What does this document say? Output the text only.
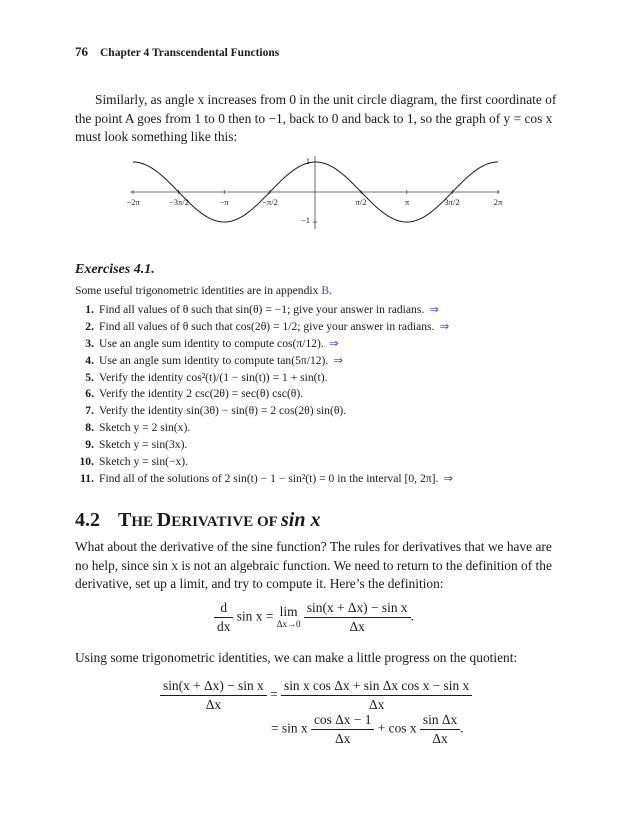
76 Chapter 4 Transcendental Functions

Similarly, as angle x increases from 0 in the unit circle diagram, the first coordinate of

the point A goes from 1 to 0 then to −1, back to 0 and back to 1, so the graph of y = cos x

must look something like this:

−2π	−3π/2	−π	−π/2	π/2	π	3π/2	2π
1
−1
Exercises 4.1.
Some useful trigonometric identities are in appendix B.
1. Find all values of θ such that sin(θ) = −1; give your answer in radians. ⇒
2. Find all values of θ such that cos(2θ) = 1/2; give your answer in radians. ⇒
3. Use an angle sum identity to compute cos(π/12). ⇒
4. Use an angle sum identity to compute tan(5π/12). ⇒
5. Verify the identity cos²(t)/(1 − sin(t)) = 1 + sin(t).
6. Verify the identity 2 csc(2θ) = sec(θ) csc(θ).
7. Verify the identity sin(3θ) − sin(θ) = 2 cos(2θ) sin(θ).
8. Sketch y = 2 sin(x).
9. Sketch y = sin(3x).
10. Sketch y = sin(−x).
11. Find all of the solutions of 2 sin(t) − 1 − sin²(t) = 0 in the interval [0, 2π]. ⇒
4.2 THE DERIVATIVE OF sin x

What about the derivative of the sine function? The rules for derivatives that we have are

no help, since sin x is not an algebraic function. We need to return to the definition of the

derivative, set up a limit, and try to compute it. Here’s the definition:

$\frac{d}{dx}$ sin x = lim
Δx→0
$\frac{\text{sin(x + Δx) − sin x}}{\Delta x}$ .

Using some trigonometric identities, we can make a little progress on the quotient:

$\frac{\text{sin(x + Δx) − sin x}}{\Delta x} = \frac{\text{sin x cos Δx + sin Δx cos x − sin x}}{\Delta x}$
= sin x $\frac{\text{cos Δx − 1}}{\Delta x} + \cos x \frac{\text{sin Δx}}{\Delta x}$ .
